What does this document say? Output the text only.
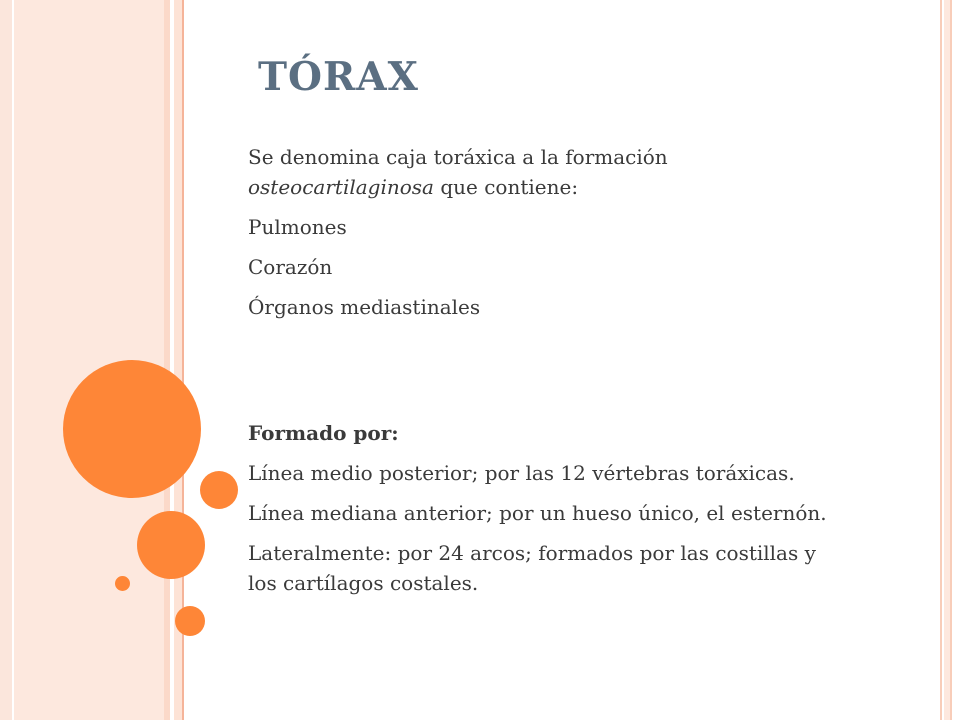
TÓRAX

Se denomina caja toráxica a la formación osteocartilaginosa que contiene:

Pulmones

Corazón

Órganos mediastinales

Formado por:

Línea medio posterior; por las 12 vértebras toráxicas.

Línea mediana anterior; por un hueso único, el esternón.

Lateralmente: por 24 arcos; formados por las costillas y los cartílagos costales.
